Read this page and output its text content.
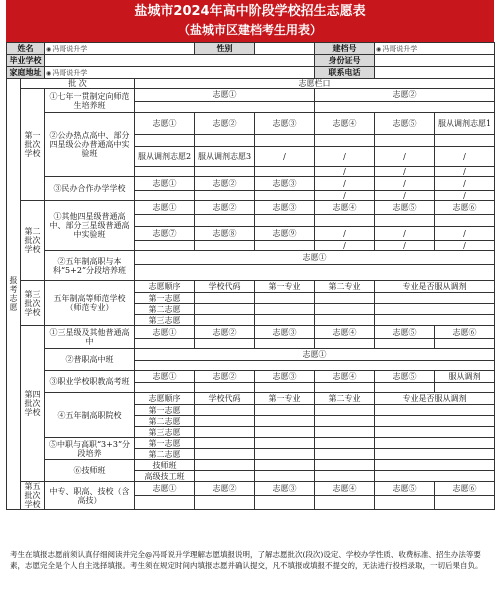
盐城市2024年高中阶段学校招生志愿表
（盐城市区建档考生用表）
姓名		◉ 冯哥说升学		性别		建档号	◉ 冯哥说升学
毕业学校						身份证号		
家庭地址		◉ 冯哥说升学				联系电话		
报考志愿	批 次		志愿栏口					
	第一批次学校	①七年一贯制定向师范生培养班	志愿①			志愿②		

		②公办热点高中、部分四星级公办普通高中实验班	志愿①	志愿②	志愿③	志愿④	志愿⑤	服从调剂志愿1

			服从调剂志愿2	服从调剂志愿3	/	/	/	/
						/	/	/
		③民办合作办学学校	志愿①	志愿②	志愿③	/	/	/
						/	/	/
	第二批次学校	①其他四星级普通高中、部分三星级普通高中实验班	志愿①	志愿②	志愿③	志愿④	志愿⑤	志愿⑥

			志愿⑦	志愿⑧	志愿⑨	/	/	/
						/	/	/
		②五年制高职与本科“5+2”分段培养班	志愿①					

	第三批次学校	五年制高等师范学校（师范专业）	志愿顺序	学校代码	第一专业	第二专业	专业是否服从调剂	
			第一志愿					
			第二志愿					
			第三志愿					
	第四批次学校	①三星级及其他普通高中	志愿①	志愿②	志愿③	志愿④	志愿⑤	志愿⑥

		②普职高中班	志愿①					

		③职业学校职教高考班	志愿①	志愿②	志愿③	志愿④	志愿⑤	服从调剂

		④五年制高职院校	志愿顺序	学校代码	第一专业	第二专业	专业是否服从调剂	
			第一志愿					
			第二志愿					
			第三志愿					
		⑤中职与高职“3+3”分段培养	第一志愿					
			第二志愿					
		⑥技师班	技师班					
			高级技工班					
	第五批次学校	中专、职高、技校（含高技）	志愿①	志愿②	志愿③	志愿④	志愿⑤	志愿⑥

考生在填报志愿前须认真仔细阅读并完全@冯哥说升学理解志愿填报说明，了解志愿批次(段次)设定、学校办学性质、收费标准、招生办法等要素，志愿完全是个人自主选择填报。考生须在规定时间内填报志愿并确认提交，凡不填报或填报不提交的，无法进行投档录取，一切后果自负。
